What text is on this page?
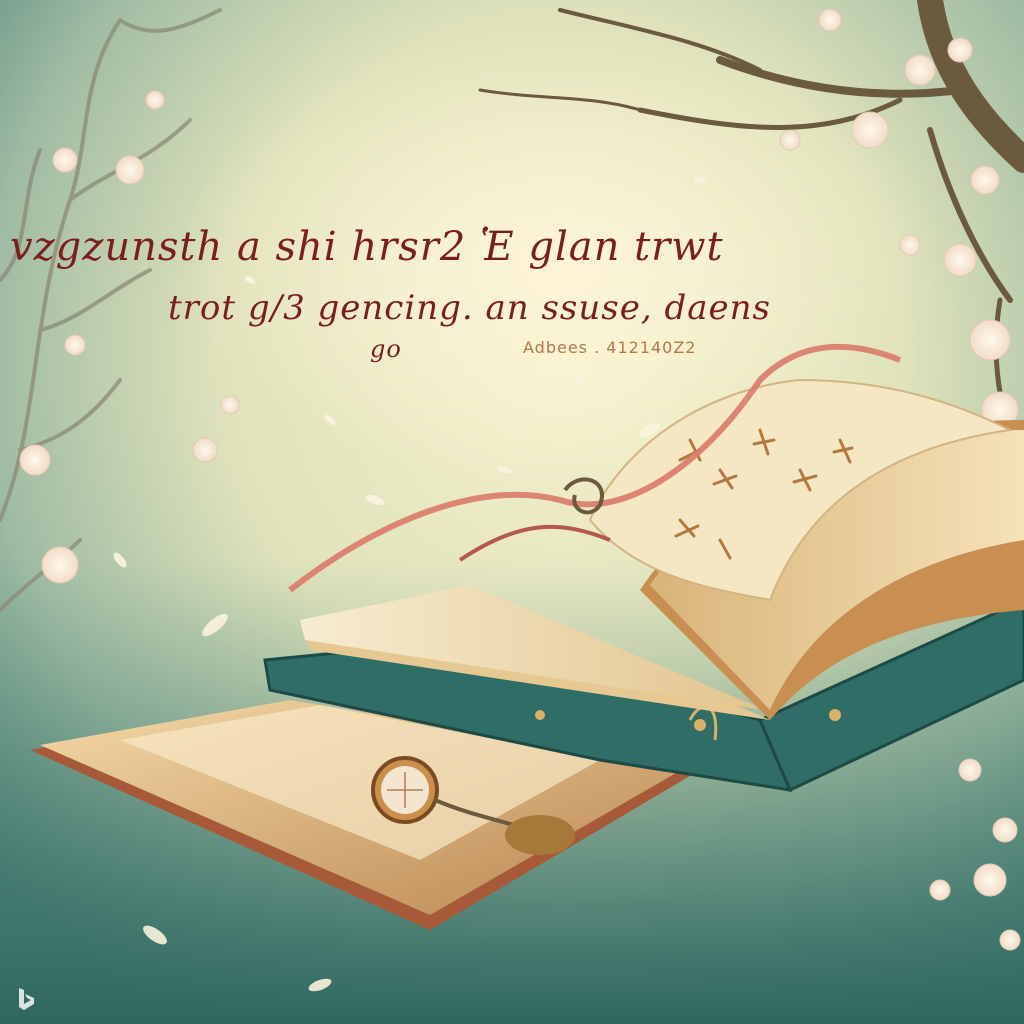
vzgzunsth a shi hrsr2 Ἑ glan trwt
trot g/3 gencing. an ssuse, daens
go	Adbees . 412140Z2
